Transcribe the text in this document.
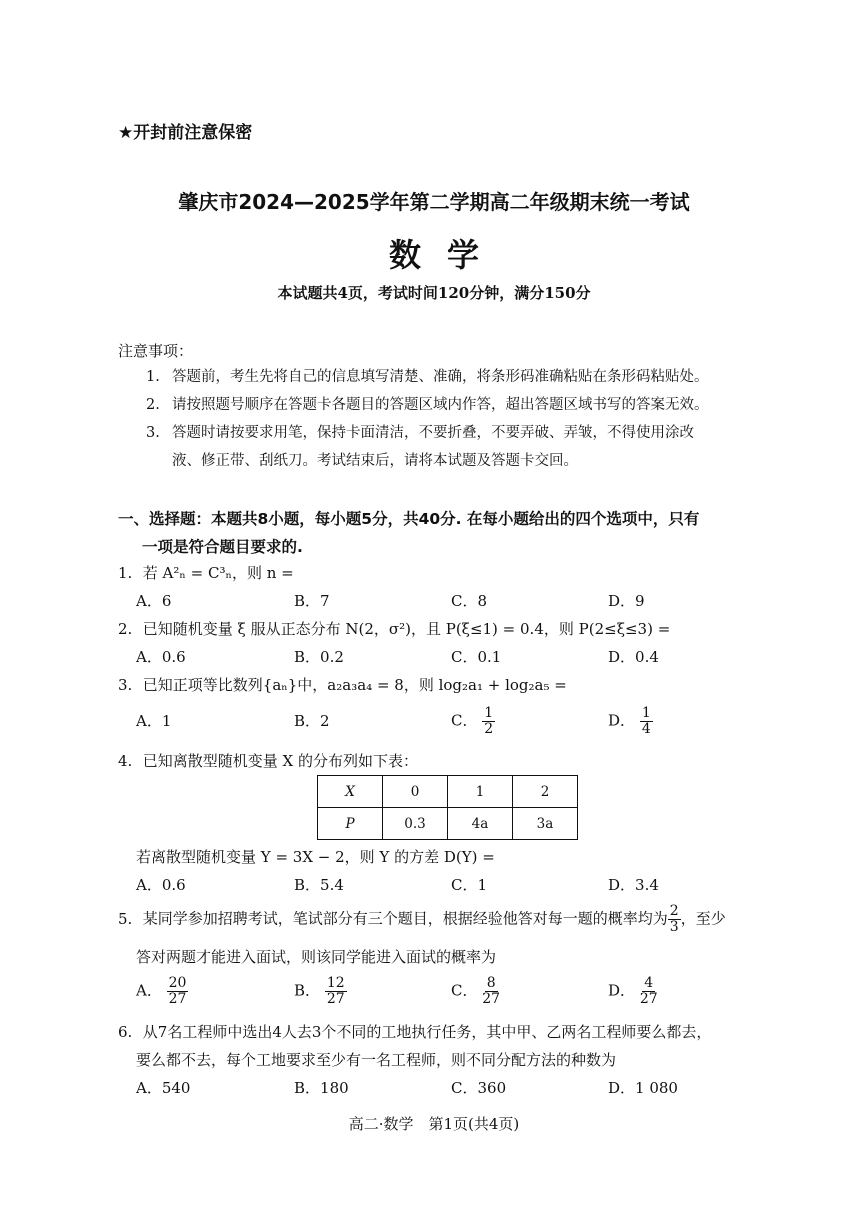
★开封前注意保密
肇庆市2024—2025学年第二学期高二年级期末统一考试
数学
本试题共4页，考试时间120分钟，满分150分
注意事项：
1. 答题前，考生先将自己的信息填写清楚、准确，将条形码准确粘贴在条形码粘贴处。
2. 请按照题号顺序在答题卡各题目的答题区域内作答，超出答题区域书写的答案无效。
3. 答题时请按要求用笔，保持卡面清洁，不要折叠，不要弄破、弄皱，不得使用涂改
液、修正带、刮纸刀。考试结束后，请将本试题及答题卡交回。
一、选择题：本题共8小题，每小题5分，共40分. 在每小题给出的四个选项中，只有
一项是符合题目要求的.
1. 若 A²ₙ = C³ₙ，则 n =
A．6	B．7	C．8	D．9
2. 已知随机变量 ξ 服从正态分布 N(2，σ²)，且 P(ξ≤1) = 0.4，则 P(2≤ξ≤3) =
A．0.6	B．0.2	C．0.1	D．0.4
3. 已知正项等比数列{aₙ}中，a₂a₃a₄ = 8，则 log₂a₁ + log₂a₅ =
A．1	B．2	C． $\frac{1}{2}$	D． $\frac{1}{4}$
4. 已知离散型随机变量 X 的分布列如下表：
X	0	1	2
P	0.3	4a	3a
若离散型随机变量 Y = 3X − 2，则 Y 的方差 D(Y) =
A．0.6	B．5.4	C．1	D．3.4
5. 某同学参加招聘考试，笔试部分有三个题目，根据经验他答对每一题的概率均为 $\frac{2}{3}$ ，至少
答对两题才能进入面试，则该同学能进入面试的概率为
A． $\frac{20}{27}$	B． $\frac{12}{27}$	C． $\frac{8}{27}$	D． $\frac{4}{27}$
6. 从7名工程师中选出4人去3个不同的工地执行任务，其中甲、乙两名工程师要么都去，
要么都不去，每个工地要求至少有一名工程师，则不同分配方法的种数为
A．540	B．180	C．360	D．1 080
高二·数学　第1页(共4页)
